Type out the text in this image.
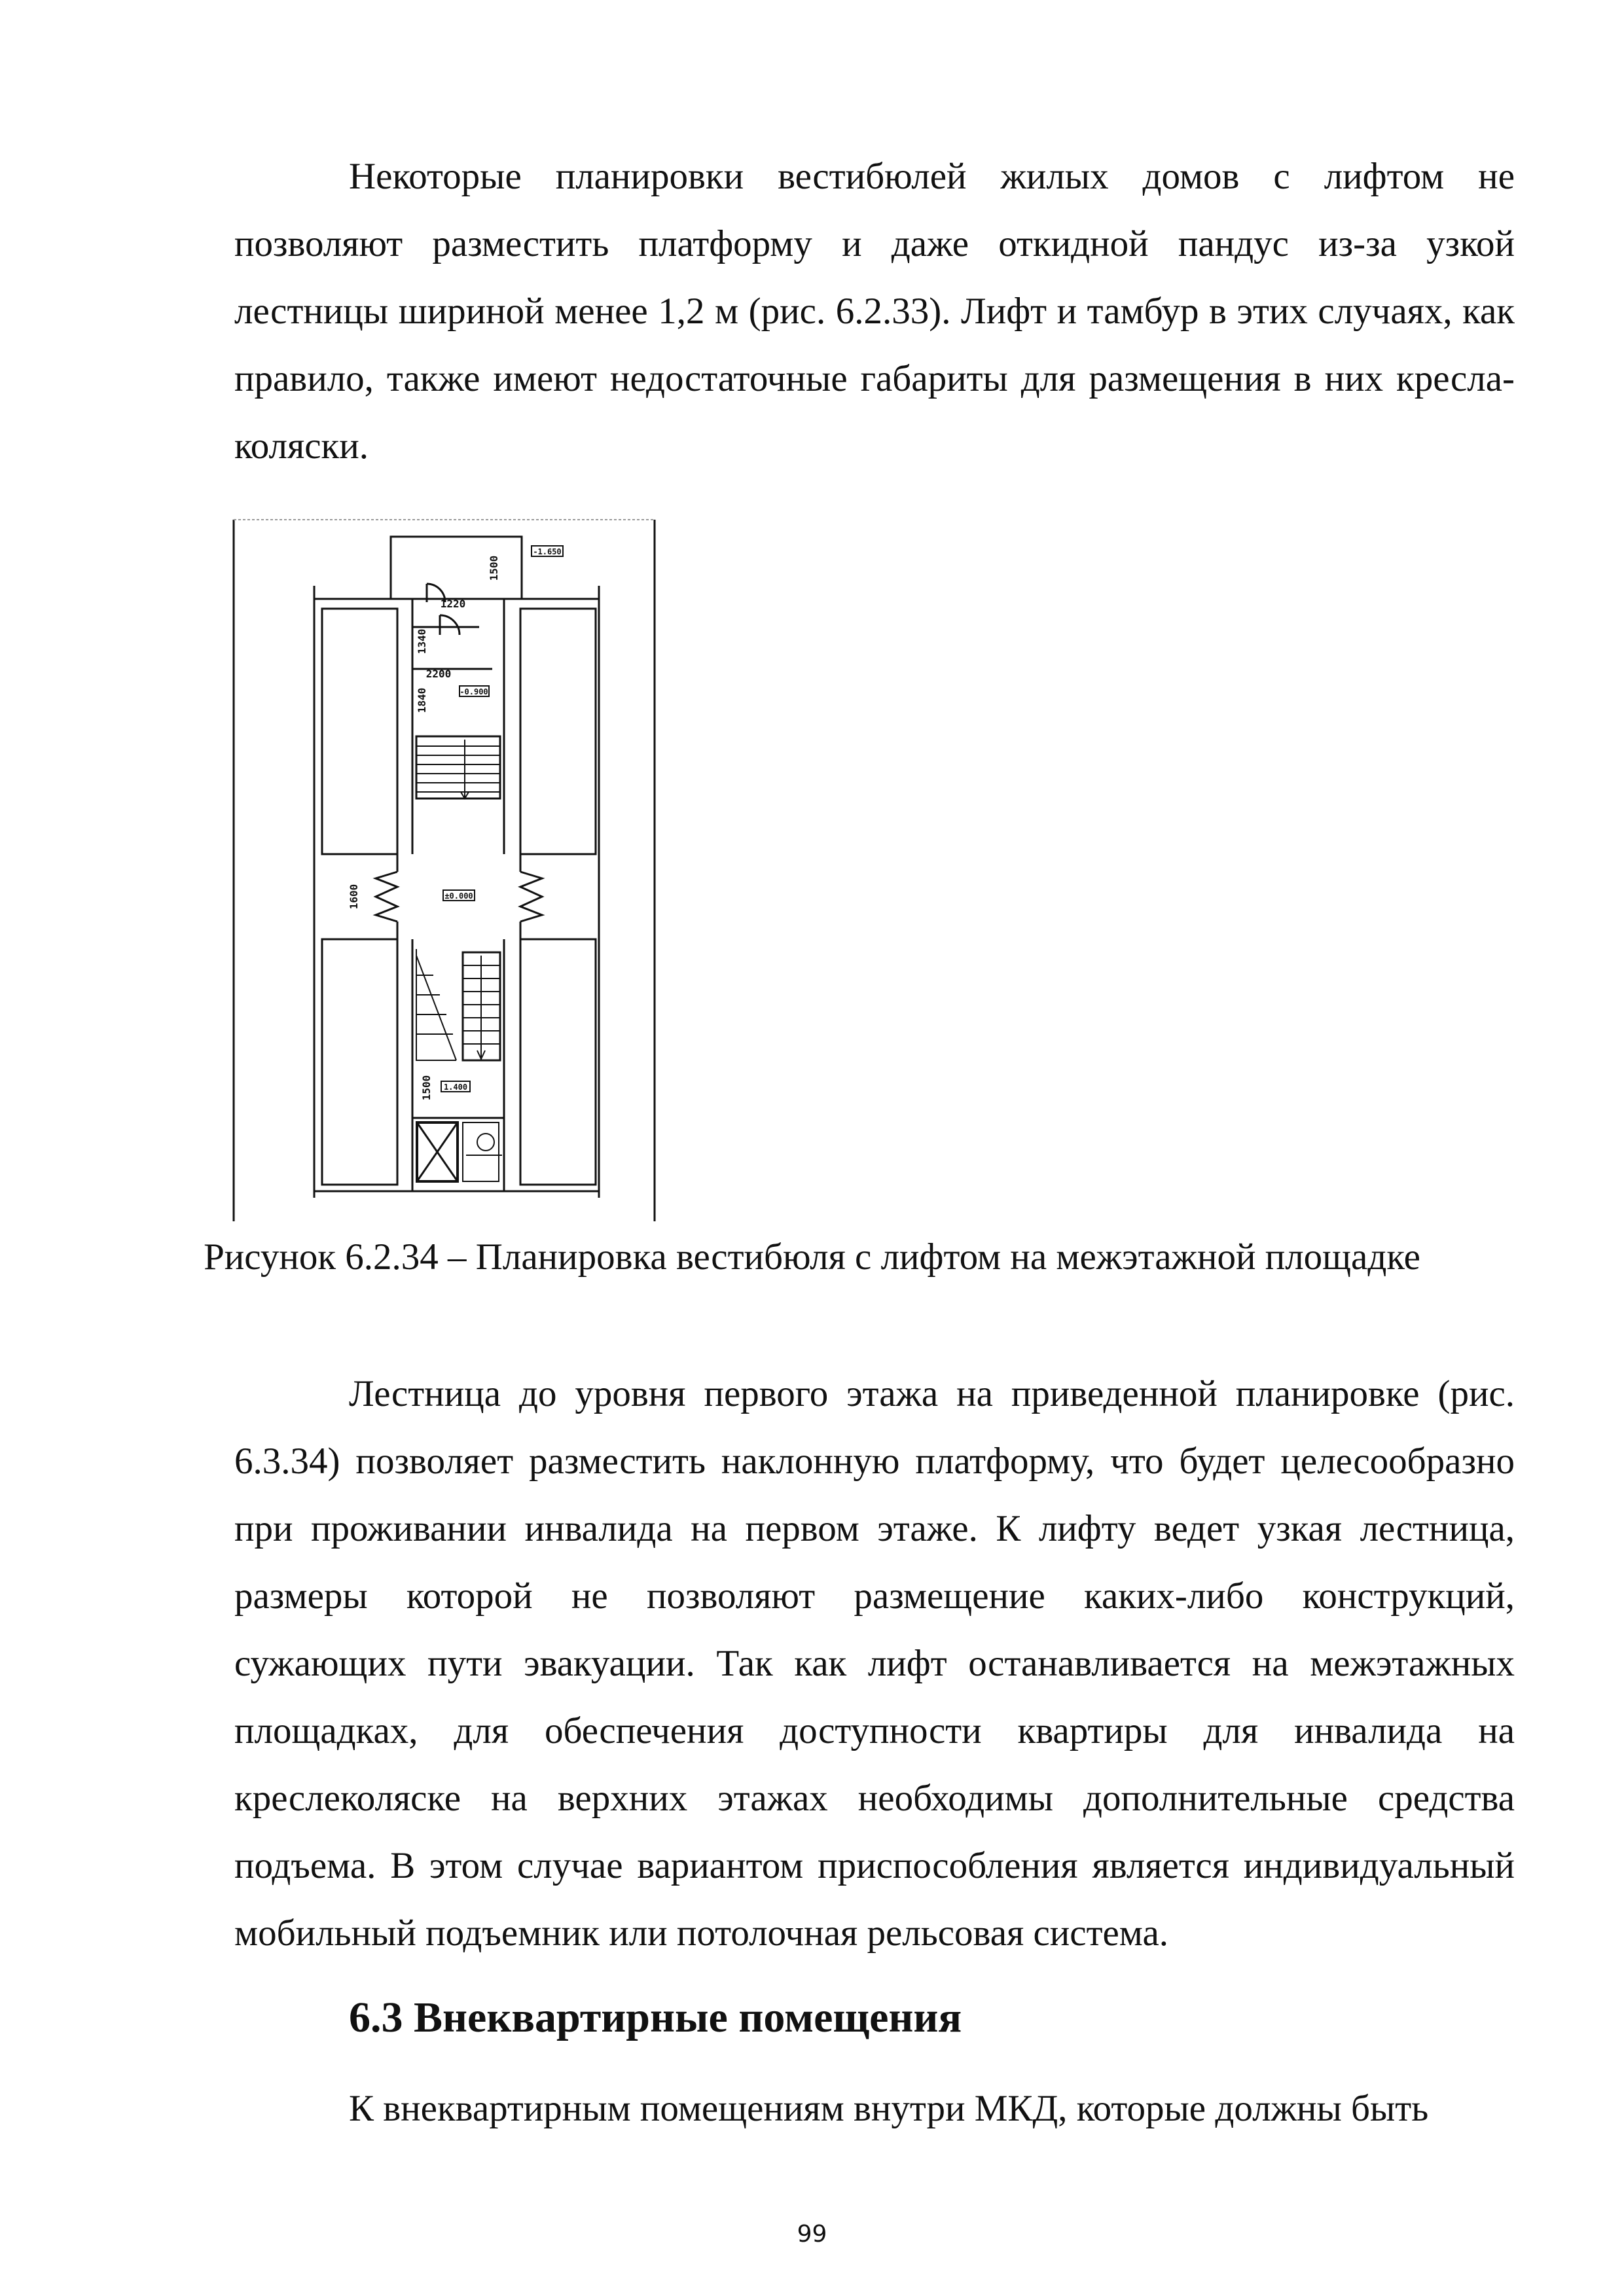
Некоторые планировки вестибюлей жилых домов с лифтом не позволяют разместить платформу и даже откидной пандус из-за узкой лестницы шириной менее 1,2 м (рис. 6.2.33). Лифт и тамбур в этих случаях, как правило, также имеют недостаточные габариты для размещения в них кресла-коляски.

-1.650
-0.900
±0.000
1.400
1500
1220
1340
2200
1840
1600
1500
Рисунок 6.2.34 – Планировка вестибюля с лифтом на межэтажной площадке

Лестница до уровня первого этажа на приведенной планировке (рис. 6.3.34) позволяет разместить наклонную платформу, что будет целесообразно при проживании инвалида на первом этаже. К лифту ведет узкая лестница, размеры которой не позволяют размещение каких-либо конструкций, сужающих пути эвакуации. Так как лифт останавливается на межэтажных площадках, для обеспечения доступности квартиры для инвалида на креслеколяске на верхних этажах необходимы дополнительные средства подъема. В этом случае вариантом приспособления является индивидуальный мобильный подъемник или потолочная рельсовая система.

6.3 Внеквартирные помещения

К внеквартирным помещениям внутри МКД, которые должны быть

99
